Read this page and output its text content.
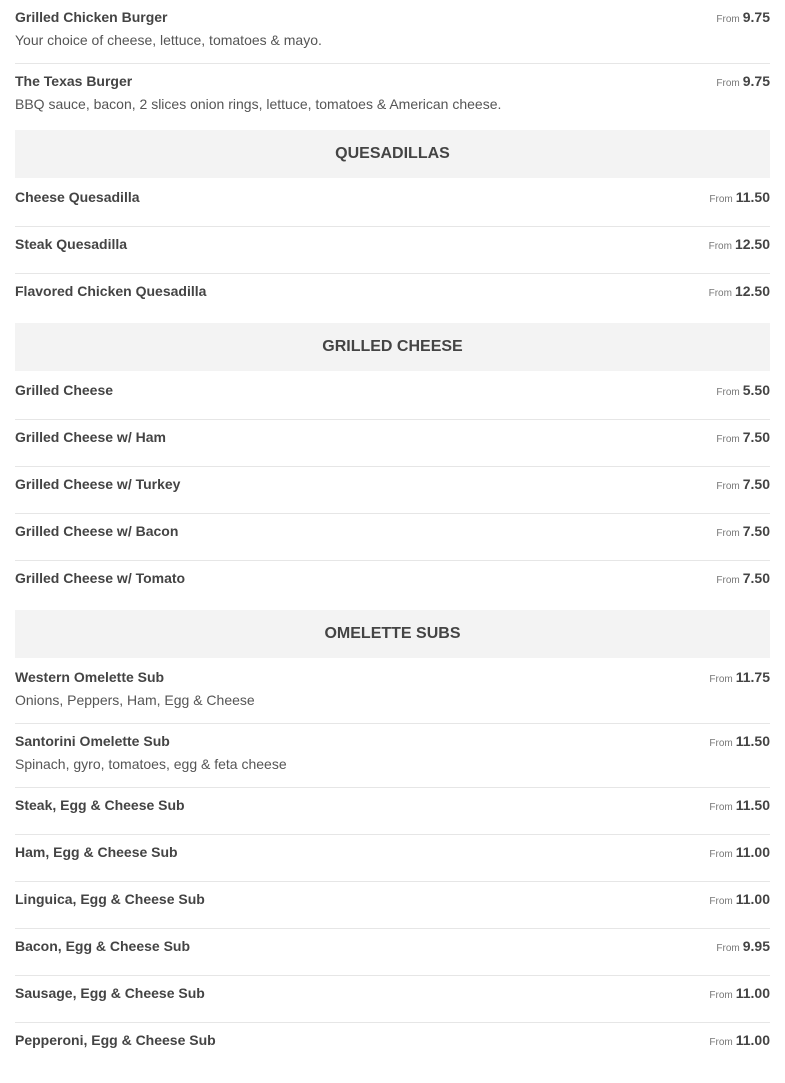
Grilled Chicken Burger
Your choice of cheese, lettuce, tomatoes & mayo.
From 9.75
The Texas Burger
BBQ sauce, bacon, 2 slices onion rings, lettuce, tomatoes & American cheese.
From 9.75
QUESADILLAS
Cheese Quesadilla	From 11.50
Steak Quesadilla	From 12.50
Flavored Chicken Quesadilla	From 12.50
GRILLED CHEESE
Grilled Cheese	From 5.50
Grilled Cheese w/ Ham	From 7.50
Grilled Cheese w/ Turkey	From 7.50
Grilled Cheese w/ Bacon	From 7.50
Grilled Cheese w/ Tomato	From 7.50
OMELETTE SUBS
Western Omelette Sub
Onions, Peppers, Ham, Egg & Cheese
From 11.75
Santorini Omelette Sub
Spinach, gyro, tomatoes, egg & feta cheese
From 11.50
Steak, Egg & Cheese Sub	From 11.50
Ham, Egg & Cheese Sub	From 11.00
Linguica, Egg & Cheese Sub	From 11.00
Bacon, Egg & Cheese Sub	From 9.95
Sausage, Egg & Cheese Sub	From 11.00
Pepperoni, Egg & Cheese Sub	From 11.00
